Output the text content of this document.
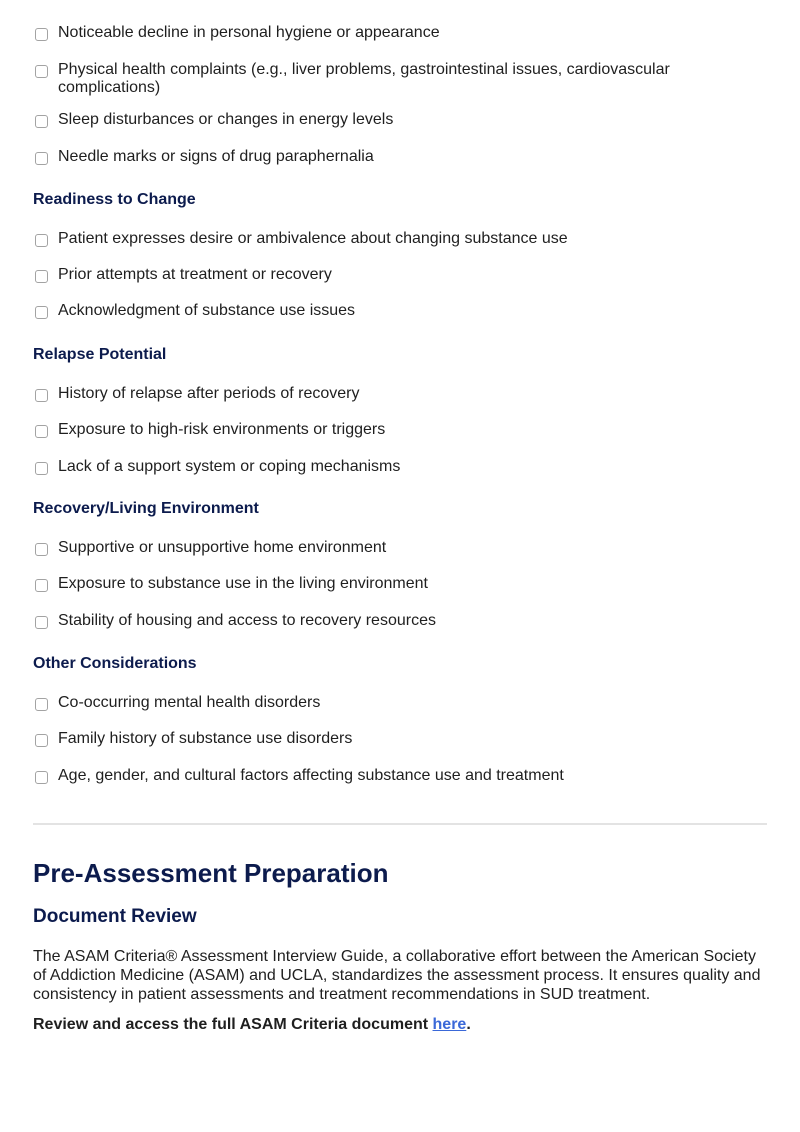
Noticeable decline in personal hygiene or appearance
Physical health complaints (e.g., liver problems, gastrointestinal issues, cardiovascular complications)
Sleep disturbances or changes in energy levels
Needle marks or signs of drug paraphernalia
Readiness to Change
Patient expresses desire or ambivalence about changing substance use
Prior attempts at treatment or recovery
Acknowledgment of substance use issues
Relapse Potential
History of relapse after periods of recovery
Exposure to high-risk environments or triggers
Lack of a support system or coping mechanisms
Recovery/Living Environment
Supportive or unsupportive home environment
Exposure to substance use in the living environment
Stability of housing and access to recovery resources
Other Considerations
Co-occurring mental health disorders
Family history of substance use disorders
Age, gender, and cultural factors affecting substance use and treatment
Pre-Assessment Preparation
Document Review

The ASAM Criteria® Assessment Interview Guide, a collaborative effort between the American Society of Addiction Medicine (ASAM) and UCLA, standardizes the assessment process. It ensures quality and consistency in patient assessments and treatment recommendations in SUD treatment.

Review and access the full ASAM Criteria document here.
